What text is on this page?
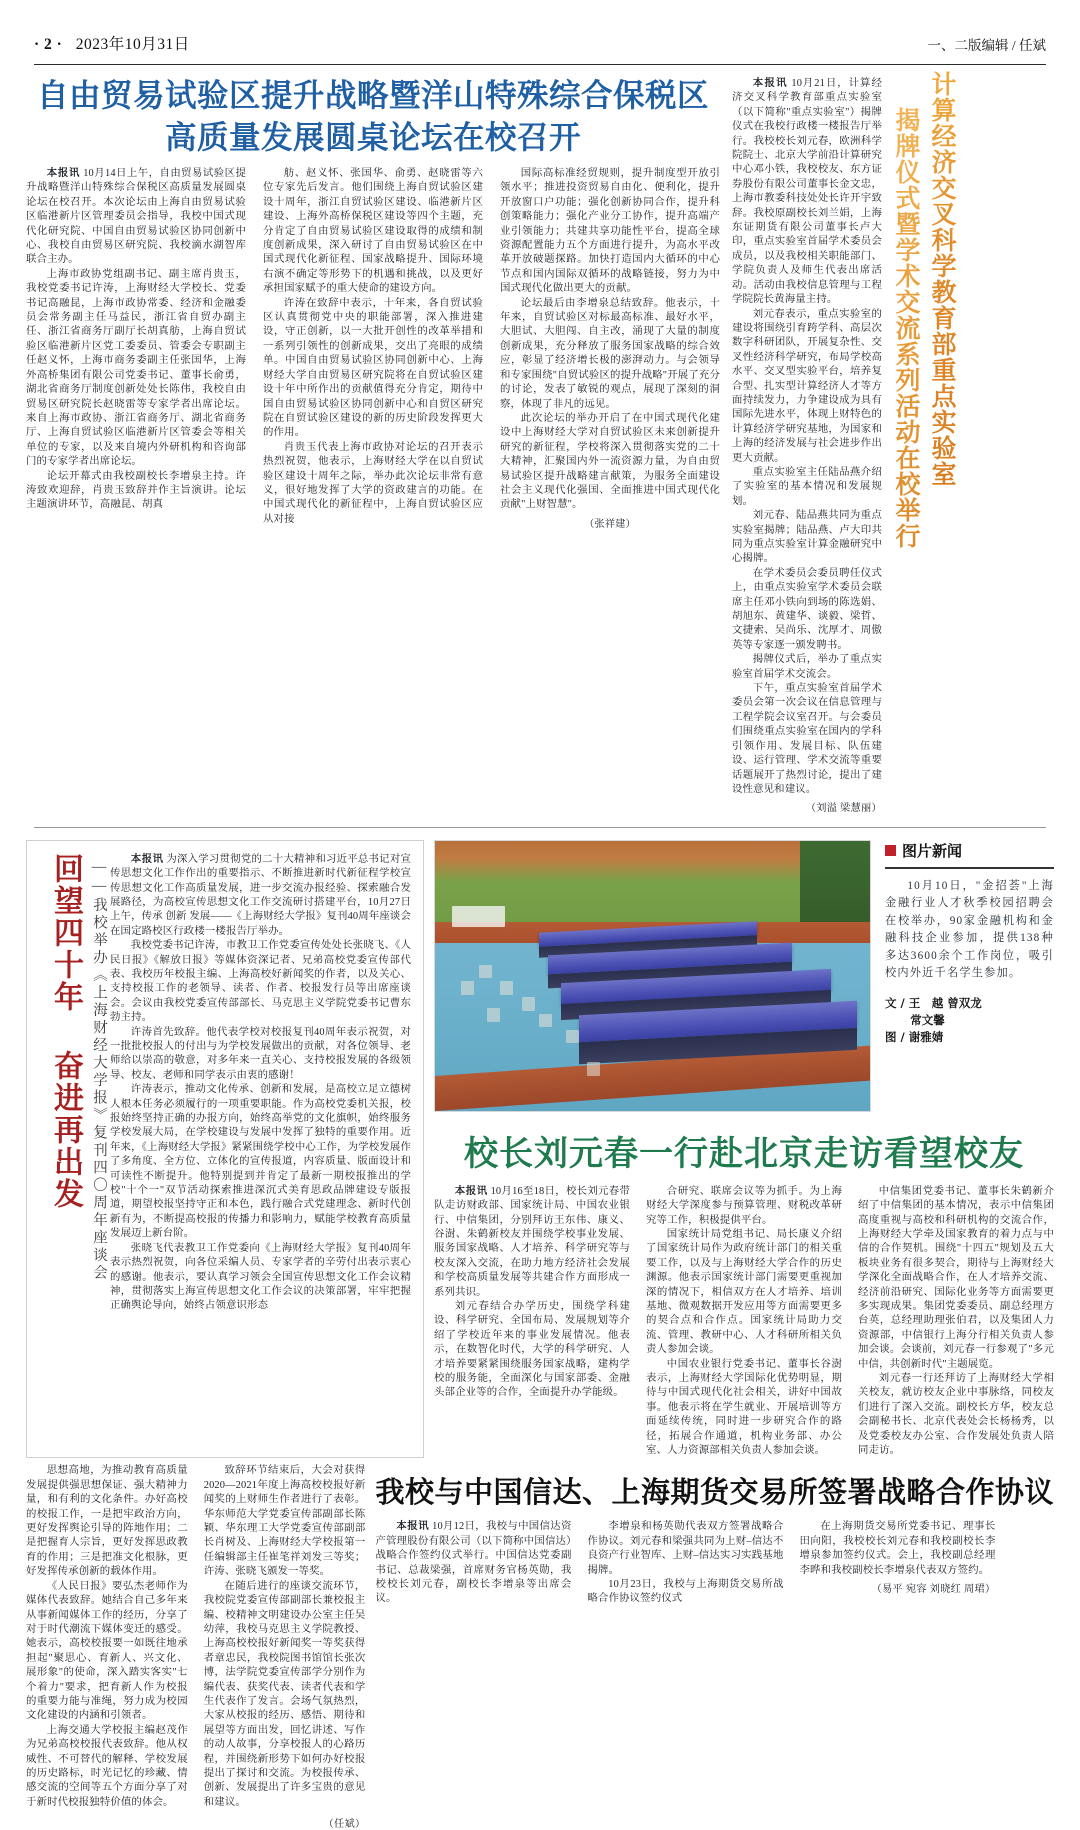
· 2 · 2023年10月31日	一、二版编辑 / 任斌
自由贸易试验区提升战略暨洋山特殊综合保税区
高质量发展圆桌论坛在校召开

本报讯 10月14日上午，自由贸易试验区提升战略暨洋山特殊综合保税区高质量发展圆桌论坛在校召开。本次论坛由上海自由贸易试验区临港新片区管理委员会指导，我校中国式现代化研究院、中国自由贸易试验区协同创新中心、我校自由贸易区研究院、我校滴水湖智库联合主办。
上海市政协党组副书记、副主席肖贵玉，我校党委书记许涛，上海财经大学校长、党委书记高融昆，上海市政协常委、经济和金融委员会常务副主任马益民，浙江省自贸办副主任、浙江省商务厅副厅长胡真舫，上海自贸试验区临港新片区党工委委员、管委会专职副主任赵义怀，上海市商务委副主任张国华，上海外高桥集团有限公司党委书记、董事长俞勇，湖北省商务厅制度创新处处长陈伟，我校自由贸易区研究院长赵晓雷等专家学者出席论坛。来自上海市政协、浙江省商务厅、湖北省商务厅、上海自贸试验区临港新片区管委会等相关单位的专家，以及来自境内外研机构和咨询部门的专家学者出席论坛。
论坛开幕式由我校副校长李增泉主持。许涛致欢迎辞，肖贵玉致辞并作主旨演讲。论坛主题演讲环节，高融昆、胡真

舫、赵义怀、张国华、俞勇、赵晓雷等六位专家先后发言。他们围绕上海自贸试验区建设十周年，浙江自贸试验区建设、临港新片区建设、上海外高桥保税区建设等四个主题，充分肯定了自由贸易试验区建设取得的成绩和制度创新成果，深入研讨了自由贸易试验区在中国式现代化新征程、国家战略提升、国际环境右演不确定等形势下的机遇和挑战，以及更好承担国家赋予的重大使命的建设方向。
许涛在致辞中表示，十年来，各自贸试验区认真贯彻党中央的职能部署，深入推进建设，守正创新，以一大批开创性的改革举措和一系列引领性的创新成果，交出了亮眼的成绩单。中国自由贸易试验区协同创新中心、上海财经大学自由贸易区研究院将在自贸试验区建设十年中所作出的贡献值得充分肯定，期待中国自由贸易试验区协同创新中心和自贸区研究院在自贸试验区建设的新的历史阶段发挥更大的作用。
肖贵玉代表上海市政协对论坛的召开表示热烈祝贺，他表示，上海财经大学在以自贸试验区建设十周年之际，举办此次论坛非常有意义，很好地发挥了大学的资政建言的功能。在中国式现代化的新征程中，上海自贸试验区应从对接

国际高标准经贸规则，提升制度型开放引领水平；推进投资贸易自由化、便利化，提升开放窗口户功能；强化创新协同合作，提升科创策略能力；强化产业分工协作，提升高端产业引领能力；共建共享功能性平台，提高全球资源配置能力五个方面进行提升，为高水平改革开放破题探路。加快打造国内大循环的中心节点和国内国际双循环的战略链接，努力为中国式现代化做出更大的贡献。
论坛最后由李增泉总结致辞。他表示，十年来，自贸试验区对标最高标准、最好水平，大胆试、大胆闯、自主改，涌现了大量的制度创新成果，充分释放了服务国家战略的综合效应，彰显了经济增长极的澎湃动力。与会领导和专家围绕"自贸试验区的提升战略"开展了充分的讨论，发表了敏锐的观点，展现了深刻的洞察，体现了非凡的远见。
此次论坛的举办开启了在中国式现代化建设中上海财经大学对自贸试验区未来创新提升研究的新征程，学校将深入贯彻落实党的二十大精神，汇聚国内外一流资源力量，为自由贸易试验区提升战略建言献策，为服务全面建设社会主义现代化强国、全面推进中国式现代化贡献"上财智慧"。

（张祥建）

本报讯 10月21日，计算经济交叉科学教育部重点实验室（以下简称"重点实验室"）揭牌仪式在我校行政楼一楼报告厅举行。我校校长刘元春，欧洲科学院院士、北京大学前沿计算研究中心邓小铁，我校校友、东方证券股份有限公司董事长金文忠，上海市教委科技处处长许开宇致辞。我校原副校长刘兰娟，上海东证期货有限公司董事长卢大印，重点实验室首届学术委员会成员，以及我校相关职能部门、学院负责人及师生代表出席活动。活动由我校信息管理与工程学院院长黄海量主持。
刘元春表示，重点实验室的建设将围绕引育跨学科、高层次数字科研团队，开展复杂性、交叉性经济科学研究，布局学校高水平、交叉型实验平台，培养复合型、扎实型计算经济人才等方面持续发力，力争建设成为具有国际先进水平，体现上财特色的计算经济学研究基地，为国家和上海的经济发展与社会进步作出更大贡献。
重点实验室主任陆品燕介绍了实验室的基本情况和发展规划。
刘元春、陆品燕共同为重点实验室揭牌；陆品燕、卢大印共同为重点实验室计算金融研究中心揭牌。
在学术委员会委员聘任仪式上，由重点实验室学术委员会联席主任邓小铁向到场的陈选娟、胡旭东、黄建华、谈毅、梁哲、文捷索、吴尚乐、沈厚才、周傲英等专家逐一颁发聘书。
揭牌仪式后，举办了重点实验室首届学术交流会。
下午，重点实验室首届学术委员会第一次会议在信息管理与工程学院会议室召开。与会委员们围绕重点实验室在国内的学科引领作用、发展目标、队伍建设、运行管理、学术交流等重要话题展开了热烈讨论，提出了建设性意见和建议。

（刘溢 梁慧丽）
计算经济交叉科学教育部重点实验室
揭牌仪式暨学术交流系列活动在校举行

本报讯 为深入学习贯彻党的二十大精神和习近平总书记对宣传思想文化工作作出的重要指示、不断推进新时代新征程学校宣传思想文化工作高质量发展，进一步交流办报经验、探索融合发展路径，为高校宣传思想文化工作交流研讨搭建平台，10月27日上午，传承 创新 发展——《上海财经大学报》复刊40周年座谈会在国定路校区行政楼一楼报告厅举办。
我校党委书记许涛，市教卫工作党委宣传处处长张晓飞、《人民日报》《解放日报》等媒体资深记者、兄弟高校党委宣传部代表、我校历年校报主编、上海高校好新闻奖的作者，以及关心、支持校报工作的老领导、读者、作者、校报发行员等出席座谈会。会议由我校党委宣传部部长、马克思主义学院党委书记曹东勃主持。
许涛首先致辞。他代表学校对校报复刊40周年表示祝贺，对一批批校报人的付出与为学校发展做出的贡献，对各位领导、老师给以崇高的敬意，对多年来一直关心、支持校报发展的各级领导、校友、老师和同学表示由衷的感谢！
许涛表示，推动文化传承、创新和发展，是高校立足立德树人根本任务必须履行的一项重要职能。作为高校党委机关报，校报始终坚持正确的办报方向，始终高举党的文化旗帜，始终服务学校发展大局，在学校建设与发展中发挥了独特的重要作用。近年来，《上海财经大学报》紧紧围绕学校中心工作，为学校发展作了多角度、全方位、立体化的宣传报道，内容质量、版面设计和可读性不断提升。他特别提到并肯定了最新一期校报推出的学校"十个一"双节活动探索推进深沉式美育思政品牌建设专版报道，期望校报坚持守正和本色，践行融合式党建理念、新时代创新有为，不断提高校报的传播力和影响力，赋能学校教育高质量发展迈上新台阶。
张晓飞代表教卫工作党委向《上海财经大学报》复刊40周年表示热烈祝贺，向各位采编人员、专家学者的辛劳付出表示衷心的感谢。他表示，要认真学习领会全国宣传思想文化工作会议精神，贯彻落实上海宣传思想文化工作会议的决策部署，牢牢把握正确舆论导向，始终占领意识形态

——我校举办《上海财经大学报》复刊四〇周年座谈会
回望四十年 奋进再出发
图片新闻

10月10日，"金招荟"上海金融行业人才秋季校园招聘会在校举办，90家金融机构和金融科技企业参加，提供138种多达3600余个工作岗位，吸引校内外近千名学生参加。

文 / 王　越 曾双龙
常文馨
图 / 谢雅婧
校长刘元春一行赴北京走访看望校友

本报讯 10月16至18日，校长刘元春带队走访财政部、国家统计局、中国农业银行、中信集团，分别拜访王东伟、康义、谷澍、朱鹤新校友并围绕学校事业发展、服务国家战略、人才培养、科学研究等与校友深入交流，在助力地方经济社会发展和学校高质量发展等共建合作方面形成一系列共识。
刘元春结合办学历史，围绕学科建设、科学研究、全国布局、发展规划等介绍了学校近年来的事业发展情况。他表示，在数智化时代，大学的科学研究、人才培养要紧紧围绕服务国家战略，建构学校的服务能，全面深化与国家部委、金融头部企业等的合作，全面提升办学能级。

合研究、联席会议等为抓手。为上海财经大学深度参与预算管理、财税改革研究等工作，积极提供平台。
国家统计局党组书记、局长康义介绍了国家统计局作为政府统计部门的相关重要工作，以及与上海财经大学合作的历史渊源。他表示国家统计部门需要更重视加深的情况下，相信双方在人才培养、培训基地、微观数据开发应用等方面需要更多的契合点和合作点。国家统计局助力交流、管理、教研中心、人才科研所相关负责人参加会谈。
中国农业银行党委书记、董事长谷澍表示，上海财经大学国际化优势明显，期待与中国式现代化社会相关，讲好中国故事。他表示将在学生就业、开展培训等方面延续传统，同时进一步研究合作的路径，拓展合作通道，机构业务部、办公室、人力资源部相关负责人参加会谈。

中信集团党委书记、董事长朱鹤新介绍了中信集团的基本情况，表示中信集团高度重视与高校和科研机构的交流合作，上海财经大学牵及国家教育的着力点与中信的合作契机。围绕"十四五"规划及五大板块业务有很多契合，期待与上海财经大学深化全面战略合作，在人才培养交流、经济前沿研究、国际化业务等方面需要更多实现成果。集团党委委员、副总经理方台英，总经理助理张伯君，以及集团人力资源部，中信银行上海分行相关负责人参加会谈。会谈前，刘元春一行参观了"多元中信，共创新时代"主题展览。
刘元春一行还拜访了上海财经大学相关校友，就访校友企业中事脉络，同校友们进行了深入交流。副校长方华，校友总会副秘书长、北京代表处会长杨杨秀，以及党委校友办公室、合作发展处负责人陪同走访。

思想高地，为推动教育高质量发展提供强思想保证、强大精神力量，和有利的文化条件。办好高校的校报工作，一是把牢政治方向，更好发挥舆论引导的阵地作用；二是把握育人宗旨，更好发挥思政教育的作用；三是把准文化根脉，更好发挥传承创新的载体作用。
《人民日报》要弘杰老师作为媒体代表致辞。她结合自己多年来从事新闻媒体工作的经历，分享了对于时代潮流下媒体变迁的感受。她表示，高校校报要一如既往地承担起"聚思心、育新人、兴文化、展形象"的使命，深入踏实客实"七个着力"要求，把育新人作为校报的重要力能与准绳，努力成为校园文化建设的内涵和引领者。
上海交通大学校报主编赵茂作为兄弟高校校报代表致辞。他从权威性、不可替代的解释、学校发展的历史路标，时光记忆的珍藏、情感交流的空间等五个方面分享了对于新时代校报独特价值的体会。
致辞环节结束后，大会对获得2020—2021年度上海高校校报好新闻奖的上财师生作者进行了表彰。华东师范大学党委宣传部副部长陈颖、华东理工大学党委宣传部副部长肖树及、上海财经大学校报第一任编辑部主任崔笔祥刘发三等奖；许涛、张晓飞颁发一等奖。
在随后进行的座谈交流环节，我校院党委宣传部副部长兼校报主编、校精神文明建设办公室主任吴幼萍，我校马克思主义学院教授、上海高校校报好新闻奖一等奖获得者章忠民，我校院图书馆馆长张次博，法学院党委宣传部学分别作为编代表、获奖代表、读者代表和学生代表作了发言。会场气氛热烈，大家从校报的经历、感悟、期待和展望等方面出发，回忆讲述、写作的动人故事，分享校报人的心路历程，并围绕新形势下如何办好校报提出了探讨和交流。为校报传承、创新、发展提出了许多宝贵的意见和建议。

（任斌）
我校与中国信达、上海期货交易所签署战略合作协议

本报讯 10月12日，我校与中国信达资产管理股份有限公司（以下简称中国信达）战略合作签约仪式举行。中国信达党委副书记、总裁梁强，首席财务官杨英勋，我校校长刘元春，副校长李增泉等出席会议。

李增泉和杨英勋代表双方签署战略合作协议。刘元春和梁强共同为上财–信达不良资产行业智库、上财–信达实习实践基地揭牌。
10月23日，我校与上海期货交易所战略合作协议签约仪式

在上海期货交易所党委书记、理事长田向阳，我校校长刘元春和我校副校长李增泉参加签约仪式。会上，我校副总经理李晔和我校副校长李增泉代表双方签约。

（易平 宛容 刘晓红 周珺）
